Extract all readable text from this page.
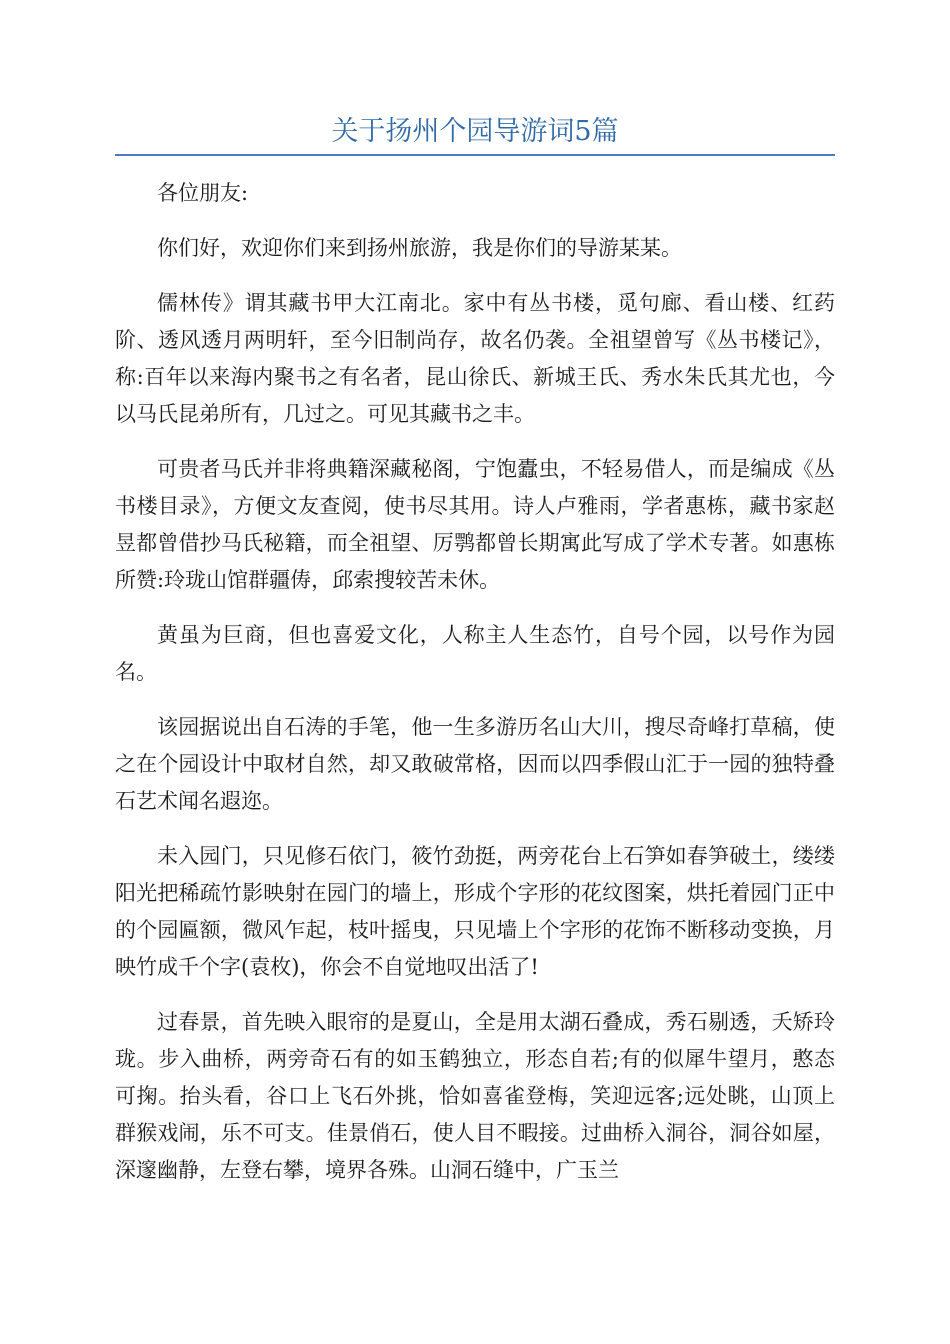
关于扬州个园导游词5篇

各位朋友:

你们好，欢迎你们来到扬州旅游，我是你们的导游某某。

儒林传》谓其藏书甲大江南北。家中有丛书楼，觅句廊、看山楼、红药阶、透风透月两明轩，至今旧制尚存，故名仍袭。全祖望曾写《丛书楼记》，称:百年以来海内聚书之有名者，昆山徐氏、新城王氏、秀水朱氏其尤也，今以马氏昆弟所有，几过之。可见其藏书之丰。

可贵者马氏并非将典籍深藏秘阁，宁饱蠹虫，不轻易借人，而是编成《丛书楼目录》，方便文友查阅，使书尽其用。诗人卢雅雨，学者惠栋，藏书家赵昱都曾借抄马氏秘籍，而全祖望、厉鹗都曾长期寓此写成了学术专著。如惠栋所赞:玲珑山馆群疆俦，邱索搜较苦未休。

黄虽为巨商，但也喜爱文化，人称主人生态竹，自号个园，以号作为园名。

该园据说出自石涛的手笔，他一生多游历名山大川，搜尽奇峰打草稿，使之在个园设计中取材自然，却又敢破常格，因而以四季假山汇于一园的独特叠石艺术闻名遐迩。

未入园门，只见修石依门，筱竹劲挺，两旁花台上石笋如春笋破土，缕缕阳光把稀疏竹影映射在园门的墙上，形成个字形的花纹图案，烘托着园门正中的个园匾额，微风乍起，枝叶摇曳，只见墙上个字形的花饰不断移动变换，月映竹成千个字(袁枚)，你会不自觉地叹出活了!

过春景，首先映入眼帘的是夏山，全是用太湖石叠成，秀石剔透，夭矫玲珑。步入曲桥，两旁奇石有的如玉鹤独立，形态自若;有的似犀牛望月，憨态可掬。抬头看，谷口上飞石外挑，恰如喜雀登梅，笑迎远客;远处眺，山顶上群猴戏闹，乐不可支。佳景俏石，使人目不暇接。过曲桥入洞谷，洞谷如屋，深邃幽静，左登右攀，境界各殊。山洞石缝中，广玉兰
